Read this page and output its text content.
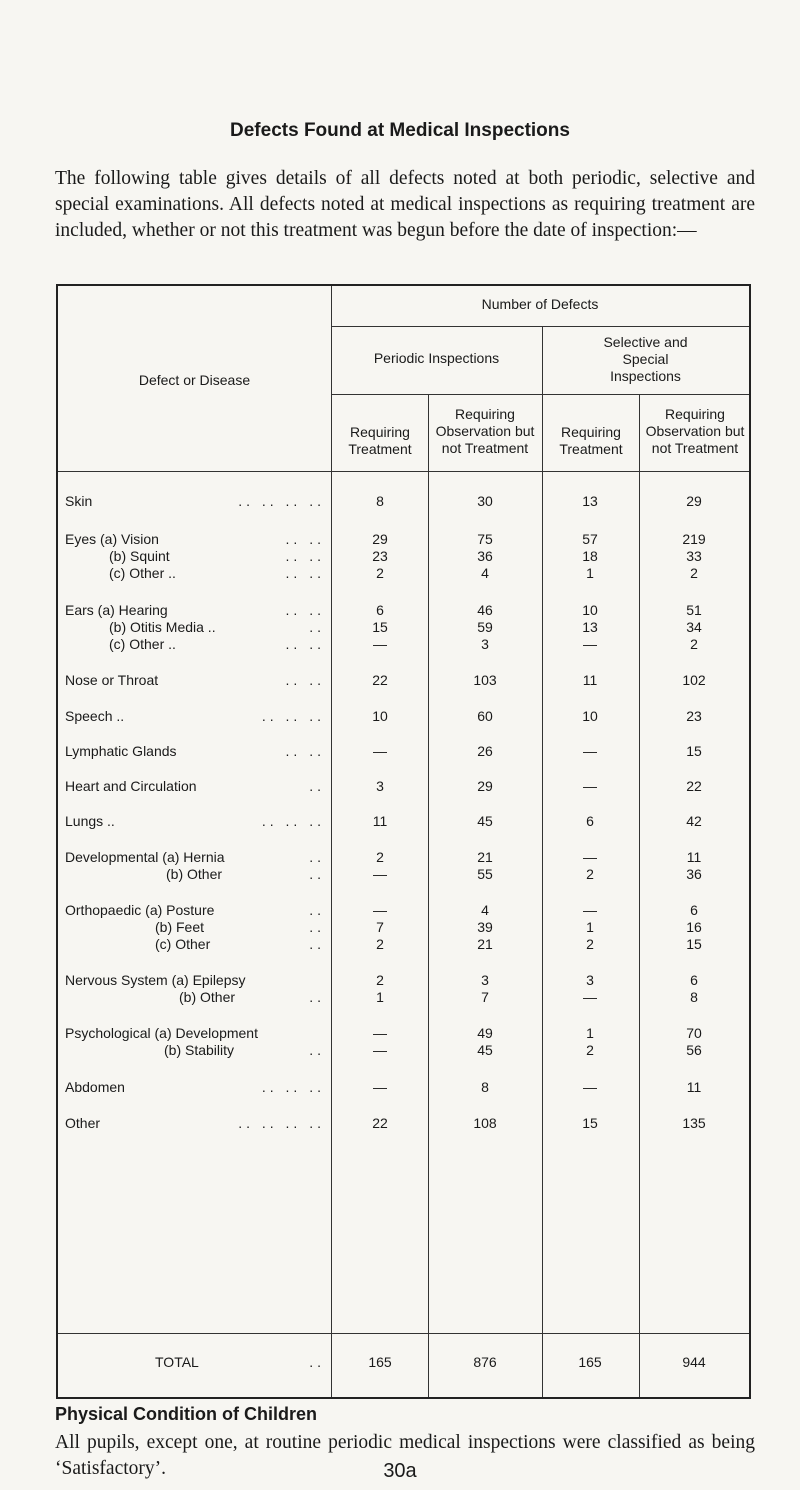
Defects Found at Medical Inspections
The following table gives details of all defects noted at both periodic, selective and special examinations. All defects noted at medical inspections as requiring treatment are included, whether or not this treatment was begun before the date of inspection:—
Number of Defects
Defect or Disease
Periodic Inspections
Selective and Special Inspections
Requiring Treatment
Requiring Observation but not Treatment
Requiring Treatment
Requiring Observation but not Treatment
Skin	.. .. .. ..	8	30	13	29
Eyes (a) Vision	.. ..	29	75	57	219
(b) Squint	.. ..	23	36	18	33
(c) Other ..	.. ..	2	4	1	2
Ears (a) Hearing	.. ..	6	46	10	51
(b) Otitis Media ..	..	15	59	13	34
(c) Other ..	.. ..	—	3	—	2
Nose or Throat	.. ..	22	103	11	102
Speech ..	.. .. ..	10	60	10	23
Lymphatic Glands	.. ..	—	26	—	15
Heart and Circulation	..	3	29	—	22
Lungs ..	.. .. ..	11	45	6	42
Developmental (a) Hernia	..	2	21	—	11
(b) Other	..	—	55	2	36
Orthopaedic (a) Posture	..	—	4	—	6
(b) Feet	..	7	39	1	16
(c) Other	..	2	21	2	15
Nervous System (a) Epilepsy	2	3	3	6
(b) Other	..	1	7	—	8
Psychological (a) Development	—	49	1	70
(b) Stability	..	—	45	2	56
Abdomen	.. .. ..	—	8	—	11
Other	.. .. .. ..	22	108	15	135
TOTAL	..	165	876	165	944
Physical Condition of Children
All pupils, except one, at routine periodic medical inspections were classified as being ‘Satisfactory’.	30a
